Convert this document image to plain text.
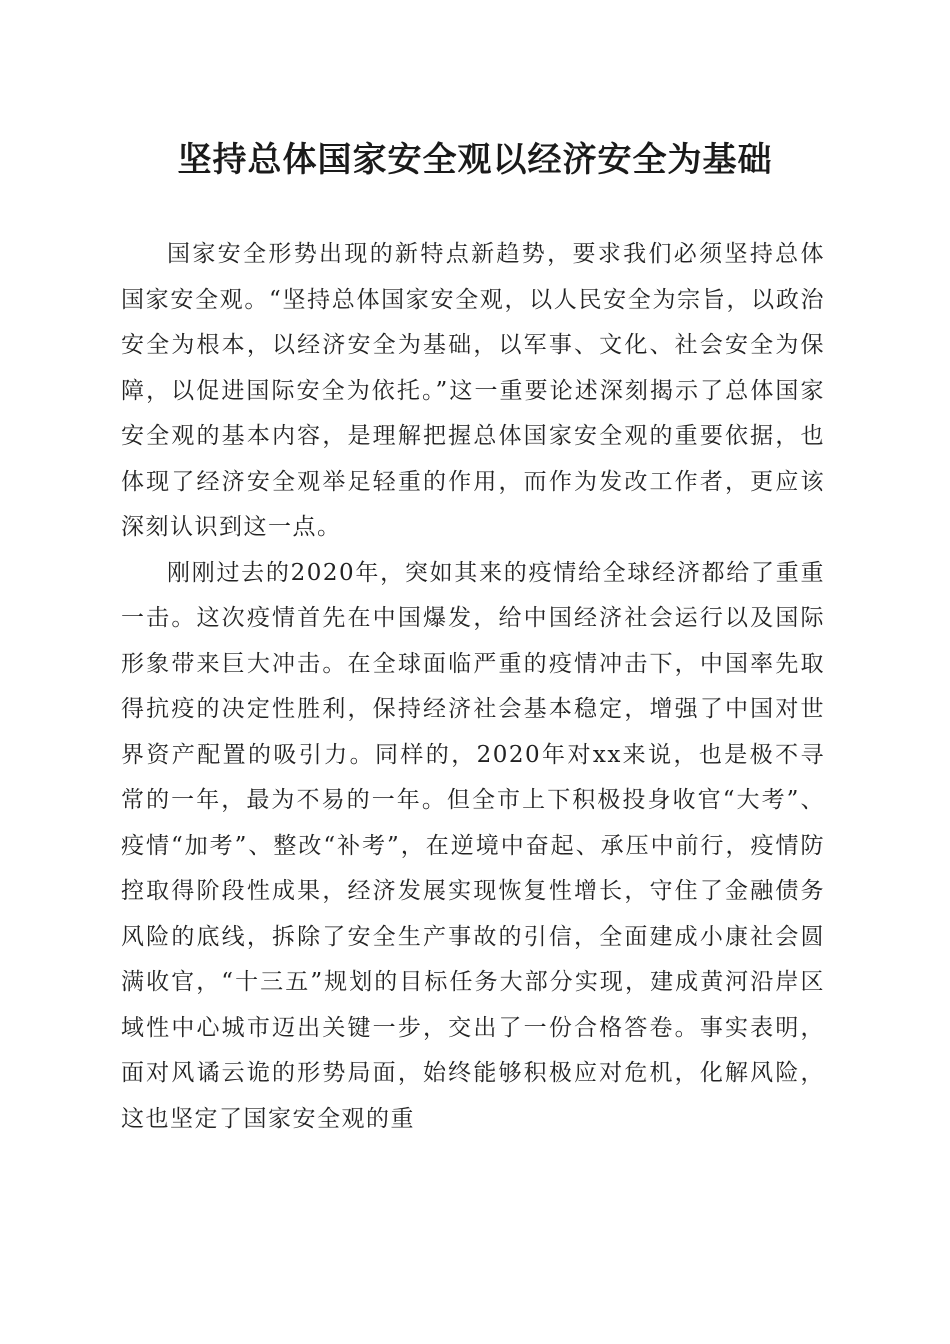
坚持总体国家安全观以经济安全为基础

国家安全形势出现的新特点新趋势，要求我们必须坚持总体国家安全观。“坚持总体国家安全观，以人民安全为宗旨，以政治安全为根本，以经济安全为基础，以军事、文化、社会安全为保障，以促进国际安全为依托。”这一重要论述深刻揭示了总体国家安全观的基本内容，是理解把握总体国家安全观的重要依据，也体现了经济安全观举足轻重的作用，而作为发改工作者，更应该深刻认识到这一点。

刚刚过去的2020年，突如其来的疫情给全球经济都给了重重一击。这次疫情首先在中国爆发，给中国经济社会运行以及国际形象带来巨大冲击。在全球面临严重的疫情冲击下，中国率先取得抗疫的决定性胜利，保持经济社会基本稳定，增强了中国对世界资产配置的吸引力。同样的，2020年对xx来说，也是极不寻常的一年，最为不易的一年。但全市上下积极投身收官“大考”、疫情“加考”、整改“补考”，在逆境中奋起、承压中前行，疫情防控取得阶段性成果，经济发展实现恢复性增长，守住了金融债务风险的底线，拆除了安全生产事故的引信，全面建成小康社会圆满收官，“十三五”规划的目标任务大部分实现，建成黄河沿岸区域性中心城市迈出关键一步，交出了一份合格答卷。事实表明，面对风谲云诡的形势局面，始终能够积极应对危机，化解风险，这也坚定了国家安全观的重
